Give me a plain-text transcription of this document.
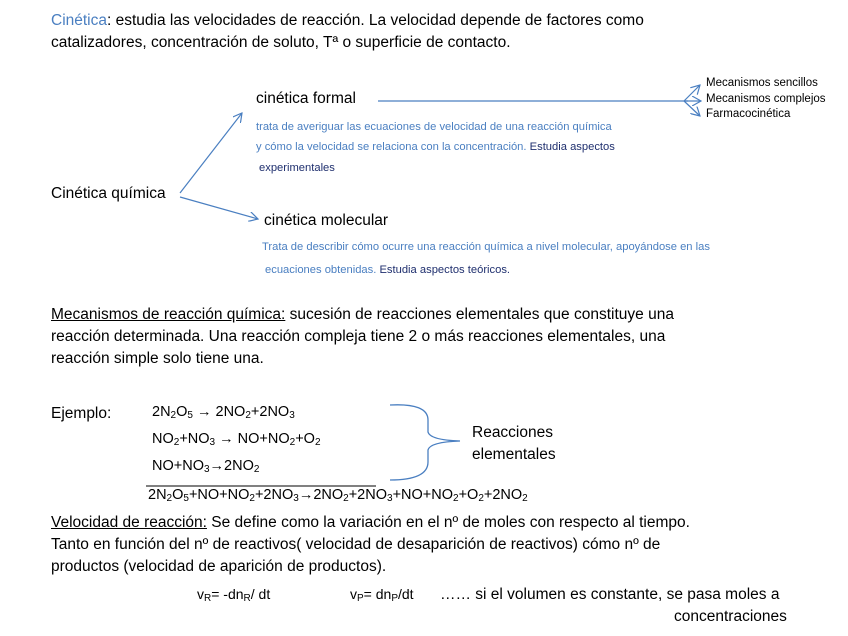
Cinética: estudia las velocidades de reacción. La velocidad depende de factores como
catalizadores, concentración de soluto, Tª o superficie de contacto.
Cinética química
cinética formal
trata de averiguar las ecuaciones de velocidad de una reacción química
y cómo la velocidad se relaciona con la concentración. Estudia aspectos
experimentales
Mecanismos sencillos
Mecanismos complejos
Farmacocinética
cinética molecular
Trata de describir cómo ocurre una reacción química a nivel molecular, apoyándose en las
ecuaciones obtenidas. Estudia aspectos teóricos.
Mecanismos de reacción química: sucesión de reacciones elementales que constituye una
reacción determinada. Una reacción compleja tiene 2 o más reacciones elementales, una
reacción simple solo tiene una.
Ejemplo:	$2N_2O_5 \to 2NO_2+2NO_3$
$NO_2+NO_3 \to NO+NO_2+O_2$
$NO+NO_3\to 2NO_2$
Reacciones
elementales
$2N_2O_5+NO+NO_2+2NO_3\to 2NO_2+2NO_3+NO+NO_2+O_2+2NO_2$
Velocidad de reacción: Se define como la variación en el nº de moles con respecto al tiempo.
Tanto en función del nº de reactivos( velocidad de desaparición de reactivos) cómo nº de
productos (velocidad de aparición de productos).
$v_R= -dn_R/$ dt	$v_P= dn_P/dt$ …… si el volumen es constante, se pasa moles a
concentraciones
